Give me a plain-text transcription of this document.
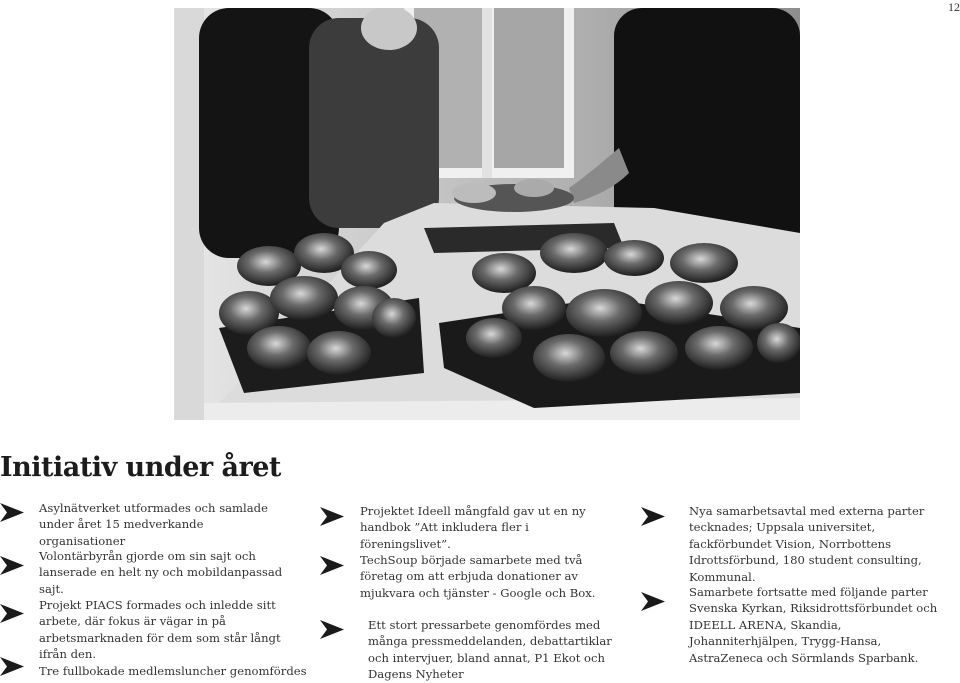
12
Initiativ under året
Asylnätverket utformades och samlade under året 15 medverkande organisationer
Volontärbyrån gjorde om sin sajt och lanserade en helt ny och mobildanpassad sajt.
Projekt PIACS formades och inledde sitt arbete, där fokus är vägar in på arbetsmarknaden för dem som står långt ifrån den.
Tre fullbokade medlemsluncher genomfördes
Projektet Ideell mångfald gav ut en ny handbok ”Att inkludera fler i föreningslivet”.
TechSoup började samarbete med två företag om att erbjuda donationer av mjukvara och tjänster - Google och Box.
Ett stort pressarbete genomfördes med många pressmeddelanden, debattartiklar och intervjuer, bland annat, P1 Ekot och Dagens Nyheter
Nya samarbetsavtal med externa parter tecknades; Uppsala universitet, fackförbundet Vision, Norrbottens Idrottsförbund, 180 student consulting, Kommunal.
Samarbete fortsatte med följande parter Svenska Kyrkan, Riksidrottsförbundet och IDEELL ARENA, Skandia, Johanniterhjälpen, Trygg-Hansa, AstraZeneca och Sörmlands Sparbank.
